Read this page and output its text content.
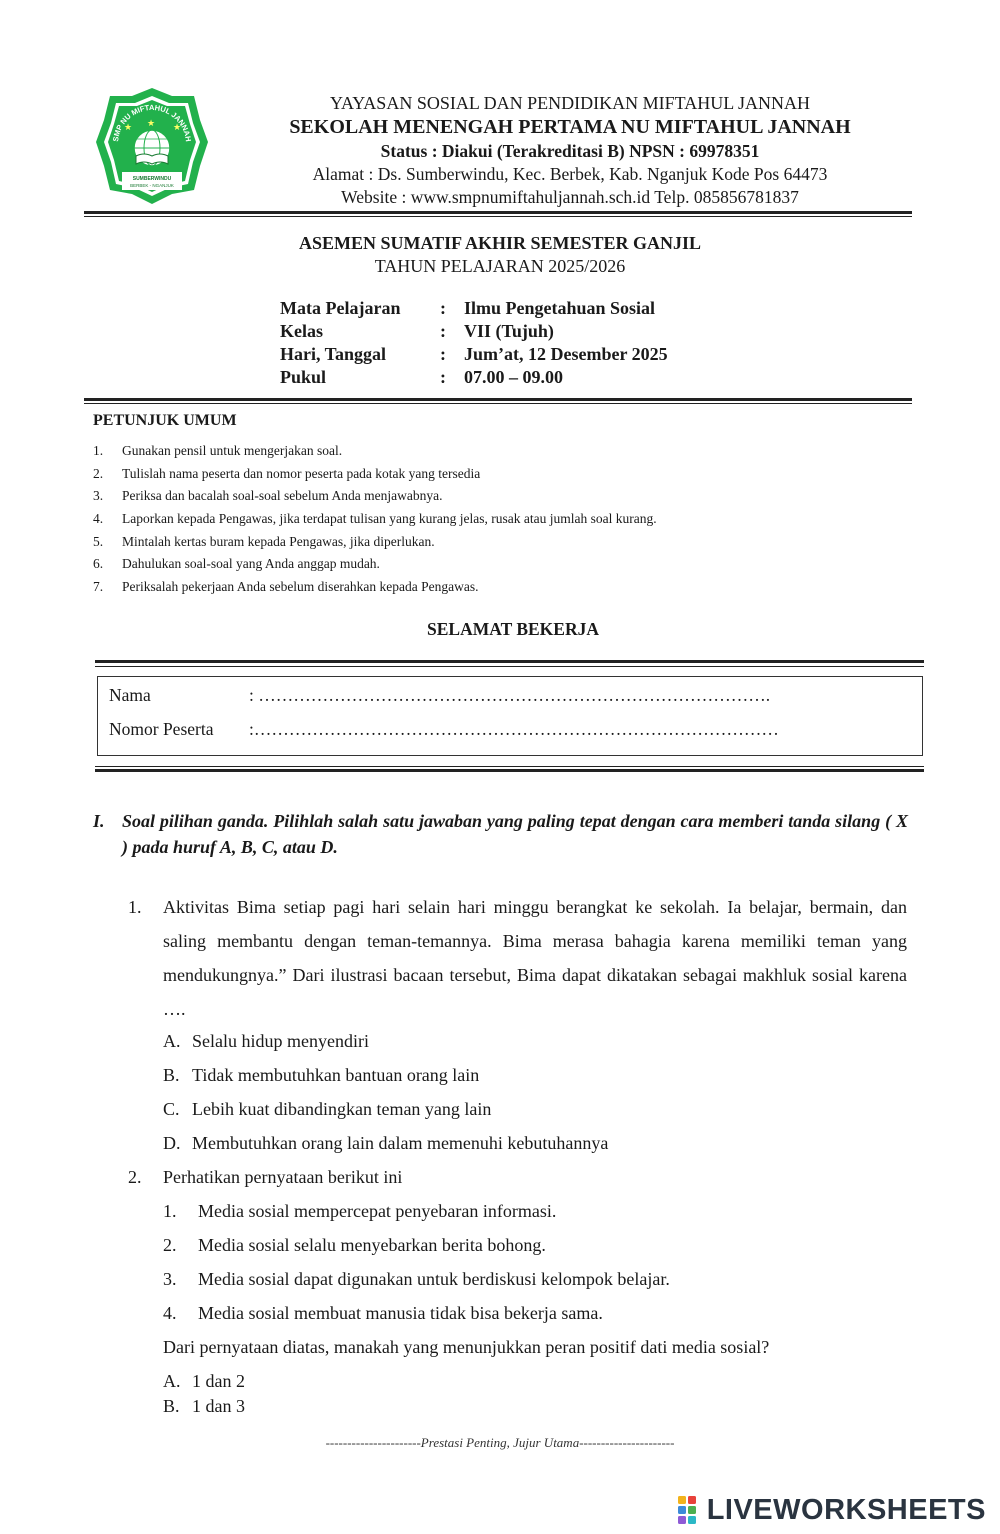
SMP NU MIFTAHUL JANNAH
★	★
★
SUMBERWINDU
BERBEK - NGANJUK
YAYASAN SOSIAL DAN PENDIDIKAN MIFTAHUL JANNAH
SEKOLAH MENENGAH PERTAMA NU MIFTAHUL JANNAH
Status : Diakui (Terakreditasi B) NPSN : 69978351
Alamat : Ds. Sumberwindu, Kec. Berbek, Kab. Nganjuk Kode Pos 64473
Website : www.smpnumiftahuljannah.sch.id Telp. 085856781837
ASEMEN SUMATIF AKHIR SEMESTER GANJIL
TAHUN PELAJARAN 2025/2026
Mata Pelajaran : Ilmu Pengetahuan Sosial
Kelas	: VII (Tujuh)
Hari, Tanggal	: Jum’at, 12 Desember 2025
Pukul	: 07.00 – 09.00
PETUNJUK UMUM
1. Gunakan pensil untuk mengerjakan soal.
2. Tulislah nama peserta dan nomor peserta pada kotak yang tersedia
3. Periksa dan bacalah soal-soal sebelum Anda menjawabnya.
4. Laporkan kepada Pengawas, jika terdapat tulisan yang kurang jelas, rusak atau jumlah soal kurang.
5. Mintalah kertas buram kepada Pengawas, jika diperlukan.
6. Dahulukan soal-soal yang Anda anggap mudah.
7. Periksalah pekerjaan Anda sebelum diserahkan kepada Pengawas.
SELAMAT BEKERJA
Nama	: …………………………………………………………………………….
Nomor Peserta :………………………………………………………………………………
I. Soal pilihan ganda. Pilihlah salah satu jawaban yang paling tepat dengan cara memberi tanda silang ( X ) pada huruf A, B, C, atau D.
1. Aktivitas Bima setiap pagi hari selain hari minggu berangkat ke sekolah. Ia belajar, bermain, dan saling membantu dengan teman-temannya. Bima merasa bahagia karena memiliki teman yang mendukungnya.” Dari ilustrasi bacaan tersebut, Bima dapat dikatakan sebagai makhluk sosial karena ….
A. Selalu hidup menyendiri
B. Tidak membutuhkan bantuan orang lain
C. Lebih kuat dibandingkan teman yang lain
D. Membutuhkan orang lain dalam memenuhi kebutuhannya
2. Perhatikan pernyataan berikut ini
1. Media sosial mempercepat penyebaran informasi.
2. Media sosial selalu menyebarkan berita bohong.
3. Media sosial dapat digunakan untuk berdiskusi kelompok belajar.
4. Media sosial membuat manusia tidak bisa bekerja sama.
Dari pernyataan diatas, manakah yang menunjukkan peran positif dati media sosial?
A. 1 dan 2
B. 1 dan 3
----------------------Prestasi Penting, Jujur Utama----------------------
LIVEWORKSHEETS
